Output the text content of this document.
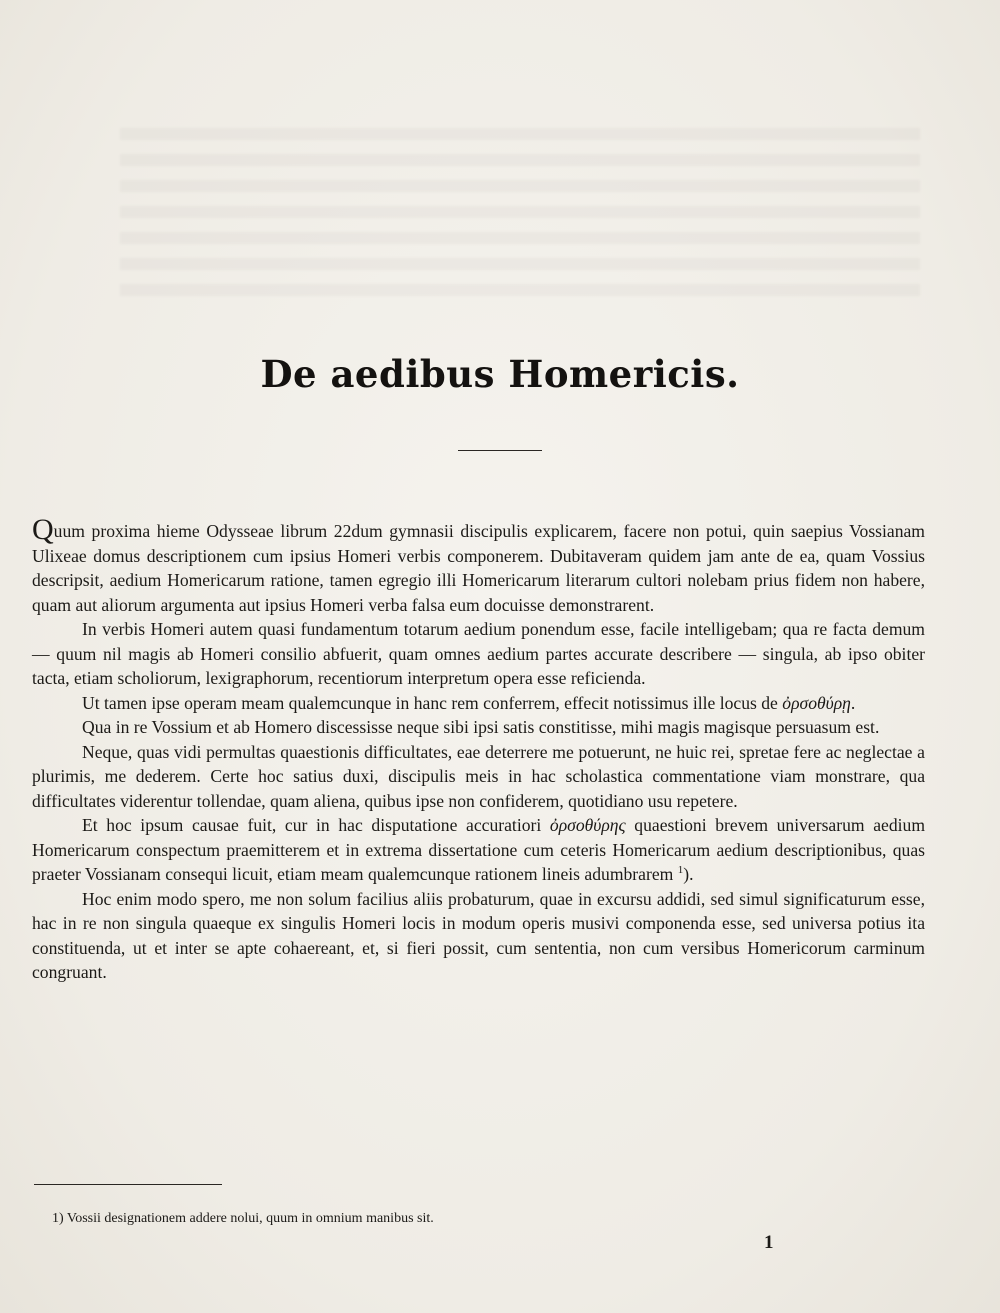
De aedibus Homericis.

Quum proxima hieme Odysseae librum 22dum gymnasii discipulis explicarem, facere non potui, quin saepius Vossianam Ulixeae domus descriptionem cum ipsius Homeri verbis componerem. Dubitaveram quidem jam ante de ea, quam Vossius descripsit, aedium Homericarum ratione, tamen egregio illi Homericarum literarum cultori nolebam prius fidem non habere, quam aut aliorum argumenta aut ipsius Homeri verba falsa eum docuisse demonstrarent.

In verbis Homeri autem quasi fundamentum totarum aedium ponendum esse, facile intelligebam; qua re facta demum — quum nil magis ab Homeri consilio abfuerit, quam omnes aedium partes accurate describere — singula, ab ipso obiter tacta, etiam scholiorum, lexigraphorum, recentiorum interpretum opera esse reficienda.

Ut tamen ipse operam meam qualemcunque in hanc rem conferrem, effecit notissimus ille locus de ὀρσοθύρῃ.

Qua in re Vossium et ab Homero discessisse neque sibi ipsi satis constitisse, mihi magis magisque persuasum est.

Neque, quas vidi permultas quaestionis difficultates, eae deterrere me potuerunt, ne huic rei, spretae fere ac neglectae a plurimis, me dederem. Certe hoc satius duxi, discipulis meis in hac scholastica commentatione viam monstrare, qua difficultates viderentur tollendae, quam aliena, quibus ipse non confiderem, quotidiano usu repetere.

Et hoc ipsum causae fuit, cur in hac disputatione accuratiori ὀρσοθύρης quaestioni brevem universarum aedium Homericarum conspectum praemitterem et in extrema dissertatione cum ceteris Homericarum aedium descriptionibus, quas praeter Vossianam consequi licuit, etiam meam qualemcunque rationem lineis adumbrarem $^1$).

Hoc enim modo spero, me non solum facilius aliis probaturum, quae in excursu addidi, sed simul significaturum esse, hac in re non singula quaeque ex singulis Homeri locis in modum operis musivi componenda esse, sed universa potius ita constituenda, ut et inter se apte cohaereant, et, si fieri possit, cum sententia, non cum versibus Homericorum carminum congruant.

1) Vossii designationem addere nolui, quum in omnium manibus sit.
1
